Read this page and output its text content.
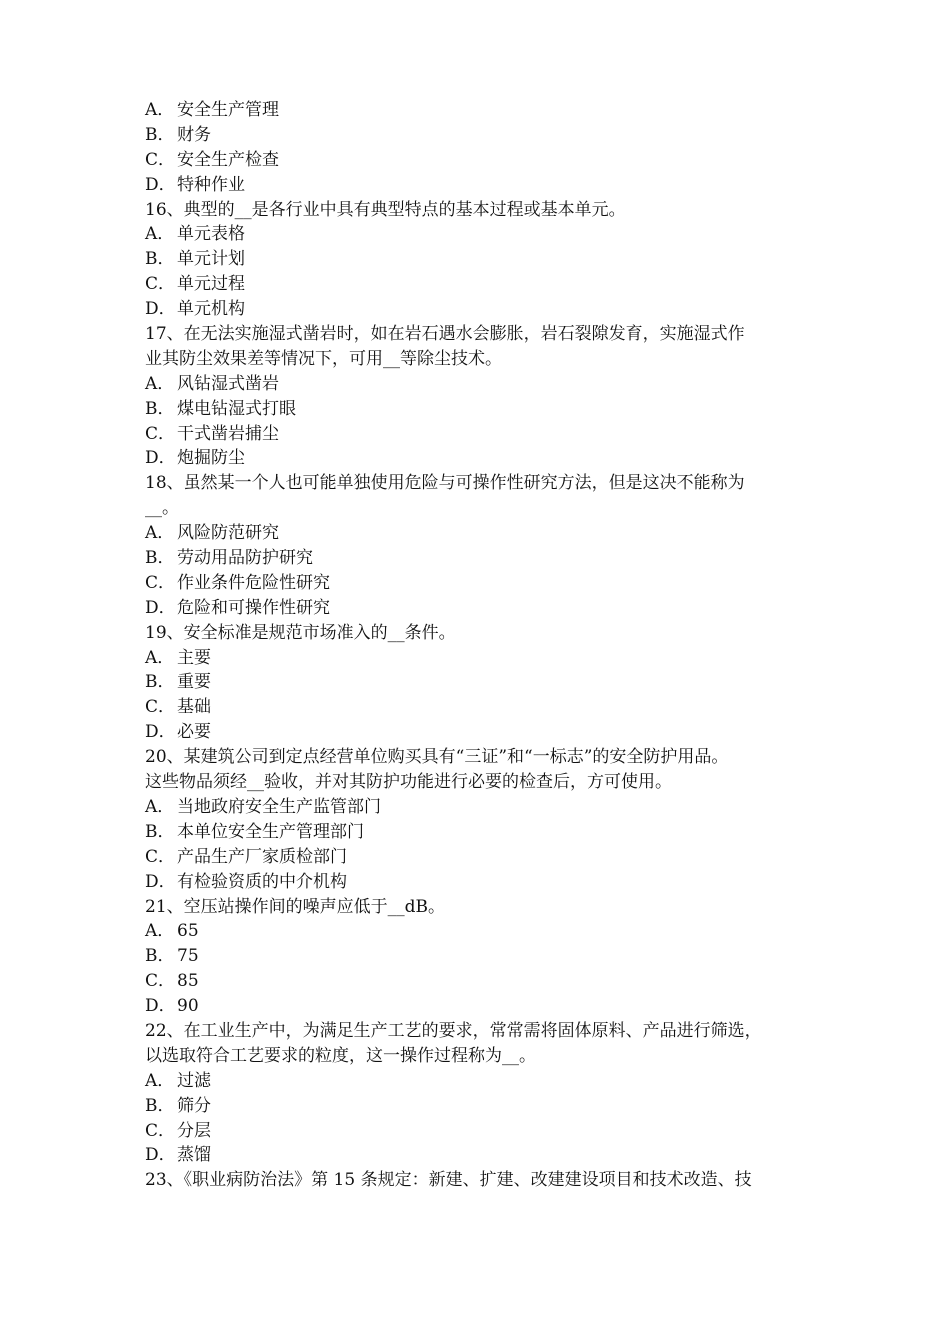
A． 安全生产管理

B． 财务

C． 安全生产检查

D．特种作业

16、典型的__是各行业中具有典型特点的基本过程或基本单元。

A． 单元表格

B． 单元计划

C． 单元过程

D．单元机构

17、在无法实施湿式凿岩时，如在岩石遇水会膨胀，岩石裂隙发育，实施湿式作

业其防尘效果差等情况下，可用__等除尘技术。

A． 风钻湿式凿岩

B． 煤电钻湿式打眼

C． 干式凿岩捕尘

D．炮掘防尘

18、虽然某一个人也可能单独使用危险与可操作性研究方法，但是这决不能称为

__。

A． 风险防范研究

B． 劳动用品防护研究

C． 作业条件危险性研究

D．危险和可操作性研究

19、安全标准是规范市场准入的__条件。

A． 主要

B． 重要

C． 基础

D．必要

20、某建筑公司到定点经营单位购买具有“三证”和“一标志”的安全防护用品。

这些物品须经__验收，并对其防护功能进行必要的检查后，方可使用。

A． 当地政府安全生产监管部门

B． 本单位安全生产管理部门

C． 产品生产厂家质检部门

D．有检验资质的中介机构

21、空压站操作间的噪声应低于__dB。

A． 65

B． 75

C． 85

D．90

22、在工业生产中，为满足生产工艺的要求，常常需将固体原料、产品进行筛选，

以选取符合工艺要求的粒度，这一操作过程称为__。

A． 过滤

B． 筛分

C． 分层

D．蒸馏

23、《职业病防治法》第 15 条规定：新建、扩建、改建建设项目和技术改造、技
